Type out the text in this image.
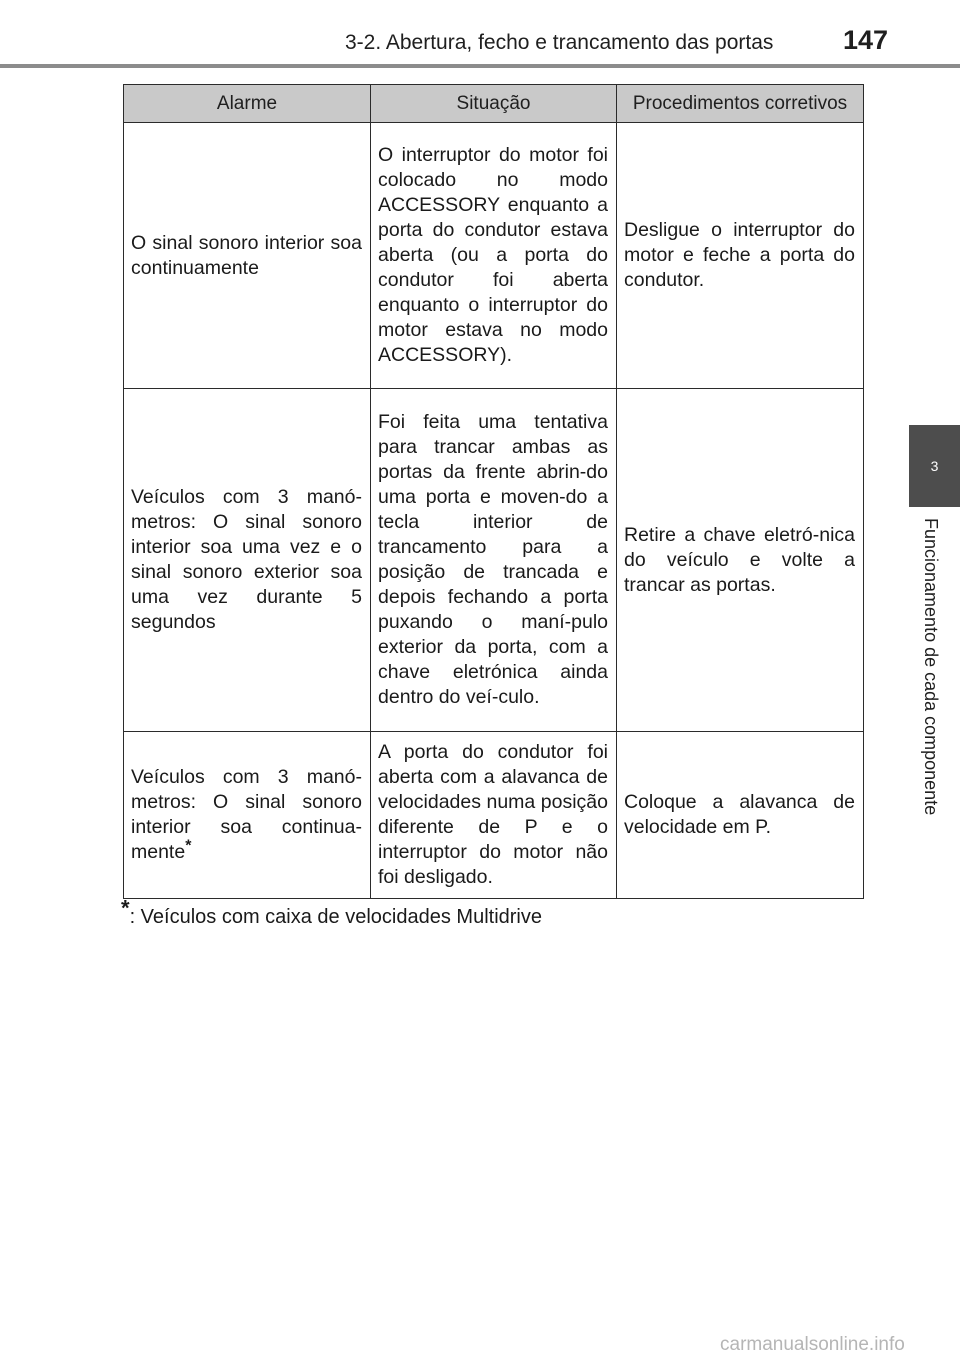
3-2. Abertura, fecho e trancamento das portas	147
3
Funcionamento de cada componente
Alarme	Situação	Procedimentos corretivos
O sinal sonoro interior soa continuamente	O interruptor do motor foi colocado no modo ACCESSORY enquanto a porta do condutor estava aberta (ou a porta do condutor foi aberta enquanto o interruptor do motor estava no modo ACCESSORY).	Desligue o interruptor do motor e feche a porta do condutor.
Veículos com 3 manó-metros: O sinal sonoro interior soa uma vez e o sinal sonoro exterior soa uma vez durante 5 segundos	Foi feita uma tentativa para trancar ambas as portas da frente abrin-do uma porta e moven-do a tecla interior de trancamento para a posição de trancada e depois fechando a porta puxando o maní-pulo exterior da porta, com a chave eletrónica ainda dentro do veí-culo.	Retire a chave eletró-nica do veículo e volte a trancar as portas.
Veículos com 3 manó-metros: O sinal sonoro interior soa continua-mente*	A porta do condutor foi aberta com a alavanca de velocidades numa posição diferente de P e o interruptor do motor não foi desligado.	Coloque a alavanca de velocidade em P.
*: Veículos com caixa de velocidades Multidrive
carmanualsonline.info
